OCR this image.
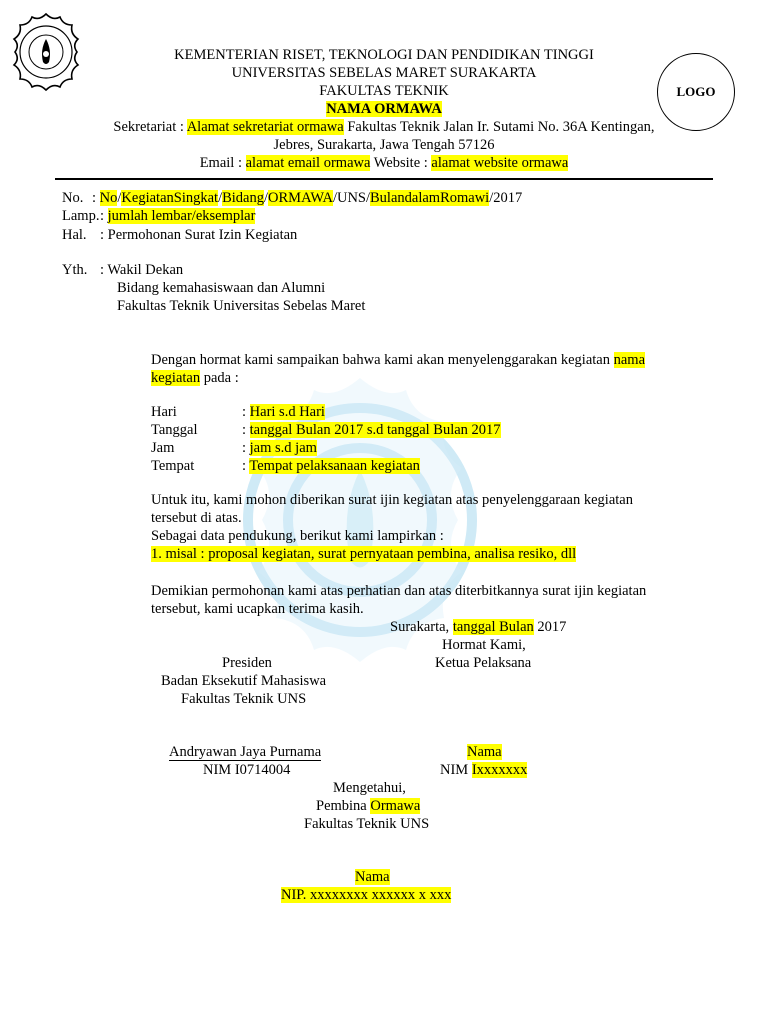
LOGO
KEMENTERIAN RISET, TEKNOLOGI DAN PENDIDIKAN TINGGI
UNIVERSITAS SEBELAS MARET SURAKARTA
FAKULTAS TEKNIK
NAMA ORMAWA
Sekretariat : Alamat sekretariat ormawa Fakultas Teknik Jalan Ir. Sutami No. 36A Kentingan,
Jebres, Surakarta, Jawa Tengah 57126
Email : alamat email ormawa Website : alamat website ormawa
No. : No/KegiatanSingkat/Bidang/ORMAWA/UNS/BulandalamRomawi/2017
Lamp.: jumlah lembar/eksemplar
Hal. : Permohonan Surat Izin Kegiatan
Yth. : Wakil Dekan
Bidang kemahasiswaan dan Alumni
Fakultas Teknik Universitas Sebelas Maret
Dengan hormat kami sampaikan bahwa kami akan menyelenggarakan kegiatan nama
kegiatan pada :
Hari	: Hari s.d Hari
Tanggal	: tanggal Bulan 2017 s.d tanggal Bulan 2017
Jam	: jam s.d jam
Tempat	: Tempat pelaksanaan kegiatan
Untuk itu, kami mohon diberikan surat ijin kegiatan atas penyelenggaraan kegiatan
tersebut di atas.
Sebagai data pendukung, berikut kami lampirkan :
1. misal : proposal kegiatan, surat pernyataan pembina, analisa resiko, dll
Demikian permohonan kami atas perhatian dan atas diterbitkannya surat ijin kegiatan
tersebut, kami ucapkan terima kasih.
Surakarta, tanggal Bulan 2017
Hormat Kami,
Presiden	Ketua Pelaksana
Badan Eksekutif Mahasiswa
Fakultas Teknik UNS
Andryawan Jaya Purnama	Nama
NIM I0714004	NIM Ixxxxxxx
Mengetahui,
Pembina Ormawa
Fakultas Teknik UNS
Nama
NIP. xxxxxxxx xxxxxx x xxx
